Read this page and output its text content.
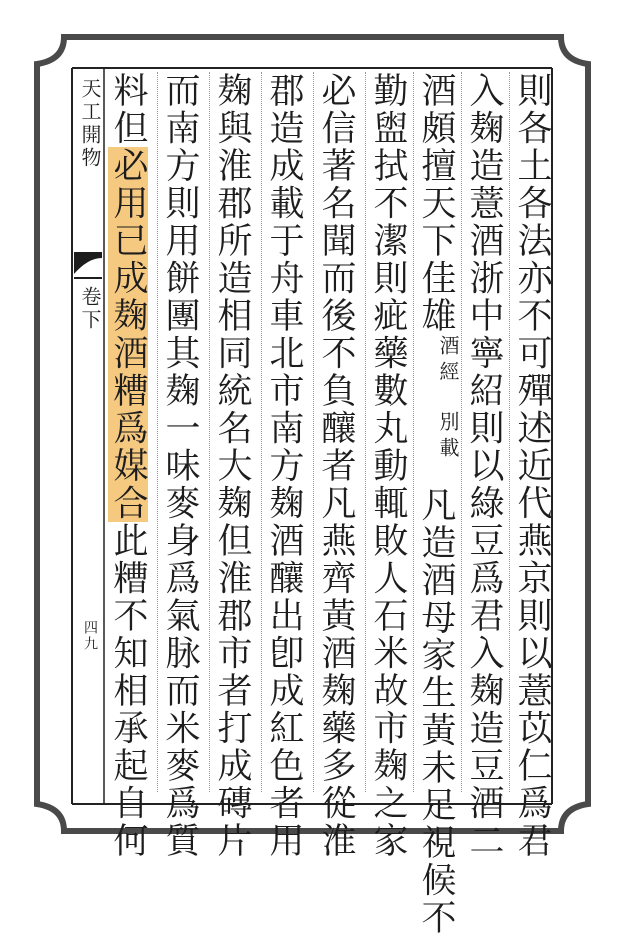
天工開物
卷下
四九	則各土各法亦不可殫述近代燕京則以薏苡仁爲君
入麹造薏酒浙中寧紹則以綠豆爲君入麹造豆酒二
酒頗擅天下佳雄
別載
酒經
凡造酒母家生黃未足視候不
勤盥拭不潔則疵藥數丸動輒敗人石米故市麹之家
必信著名聞而後不負釀者凡燕齊黃酒麹藥多從淮
郡造成載于舟車北市南方麹酒釀出卽成紅色者用
麹與淮郡所造相同統名大麹但淮郡市者打成磚片
而南方則用餅團其麹一味麥身爲氣脉而米麥爲質
料但必用已成麹酒糟爲媒合此糟不知相承起自何
